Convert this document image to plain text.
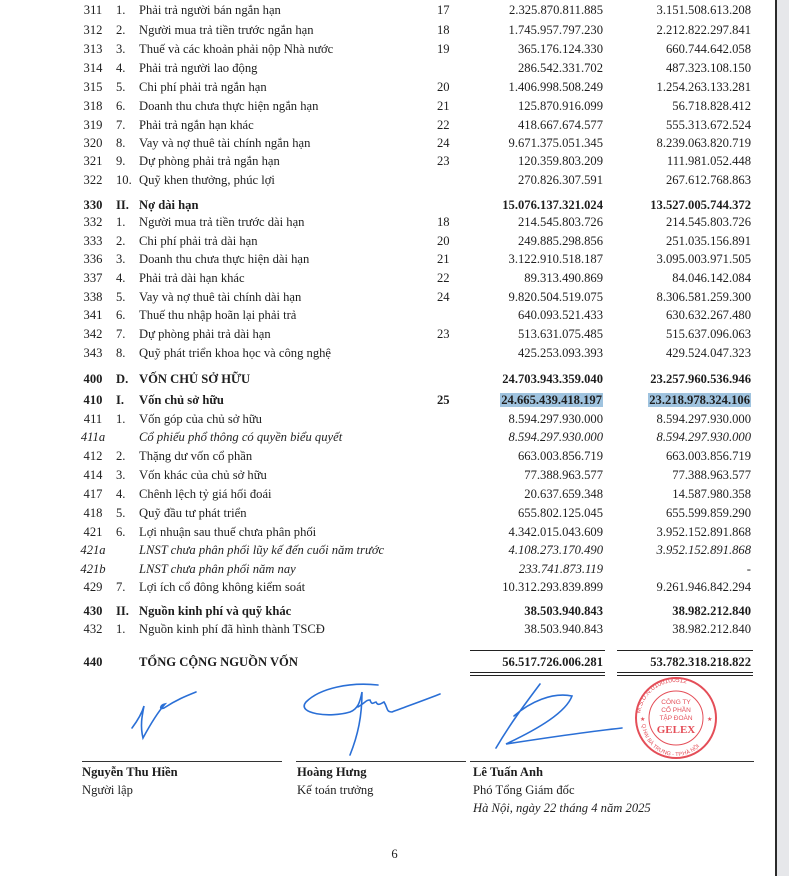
311	1. Phải trả người bán ngắn hạn	17	2.325.870.811.885	3.151.508.613.208
312	2. Người mua trả tiền trước ngắn hạn	18	1.745.957.797.230	2.212.822.297.841
313	3. Thuế và các khoản phải nộp Nhà nước	19	365.176.124.330	660.744.642.058
314	4. Phải trả người lao động	286.542.331.702	487.323.108.150
315	5. Chi phí phải trả ngắn hạn	20	1.406.998.508.249	1.254.263.133.281
318	6. Doanh thu chưa thực hiện ngắn hạn	21	125.870.916.099	56.718.828.412
319	7. Phải trả ngắn hạn khác	22	418.667.674.577	555.313.672.524
320	8. Vay và nợ thuê tài chính ngắn hạn	24	9.671.375.051.345	8.239.063.820.719
321	9. Dự phòng phải trả ngắn hạn	23	120.359.803.209	111.981.052.448
322	10. Quỹ khen thưởng, phúc lợi	270.826.307.591	267.612.768.863
330	II. Nợ dài hạn	15.076.137.321.024	13.527.005.744.372
332	1. Người mua trả tiền trước dài hạn	18	214.545.803.726	214.545.803.726
333	2. Chi phí phải trả dài hạn	20	249.885.298.856	251.035.156.891
336	3. Doanh thu chưa thực hiện dài hạn	21	3.122.910.518.187	3.095.003.971.505
337	4. Phải trả dài hạn khác	22	89.313.490.869	84.046.142.084
338	5. Vay và nợ thuê tài chính dài hạn	24	9.820.504.519.075	8.306.581.259.300
341	6. Thuế thu nhập hoãn lại phải trả	640.093.521.433	630.632.267.480
342	7. Dự phòng phải trả dài hạn	23	513.631.075.485	515.637.096.063
343	8. Quỹ phát triển khoa học và công nghệ	425.253.093.393	429.524.047.323
400	D. VỐN CHỦ SỞ HỮU	24.703.943.359.040	23.257.960.536.946
410	I. Vốn chủ sở hữu	25	24.665.439.418.197	23.218.978.324.106
411	1. Vốn góp của chủ sở hữu	8.594.297.930.000	8.594.297.930.000
411a	Cổ phiếu phổ thông có quyền biểu quyết	8.594.297.930.000	8.594.297.930.000
412	2. Thặng dư vốn cổ phần	663.003.856.719	663.003.856.719
414	3. Vốn khác của chủ sở hữu	77.388.963.577	77.388.963.577
417	4. Chênh lệch tỷ giá hối đoái	20.637.659.348	14.587.980.358
418	5. Quỹ đầu tư phát triển	655.802.125.045	655.599.859.290
421	6. Lợi nhuận sau thuế chưa phân phối	4.342.015.043.609	3.952.152.891.868
421a	LNST chưa phân phối lũy kế đến cuối năm trước	4.108.273.170.490	3.952.152.891.868
421b	LNST chưa phân phối năm nay	233.741.873.119	-
429	7. Lợi ích cổ đông không kiểm soát	10.312.293.839.899	9.261.946.842.294
430	II. Nguồn kinh phí và quỹ khác	38.503.940.843	38.982.212.840
432	1. Nguồn kinh phí đã hình thành TSCĐ	38.503.940.843	38.982.212.840
440	TỔNG CỘNG NGUỒN VỐN	56.517.726.006.281	53.782.318.218.822
Nguyễn Thu Hiền
Người lập
Hoàng Hưng
Kế toán trưởng
Lê Tuấn Anh
Phó Tổng Giám đốc
Hà Nội, ngày 22 tháng 4 năm 2025
6
M.S.D.N:0100100512
Q.HAI BÀ TRƯNG - TP.HÀ NỘI
CÔNG TY
CỔ PHẦN
TẬP ĐOÀN
GELEX
★	★
